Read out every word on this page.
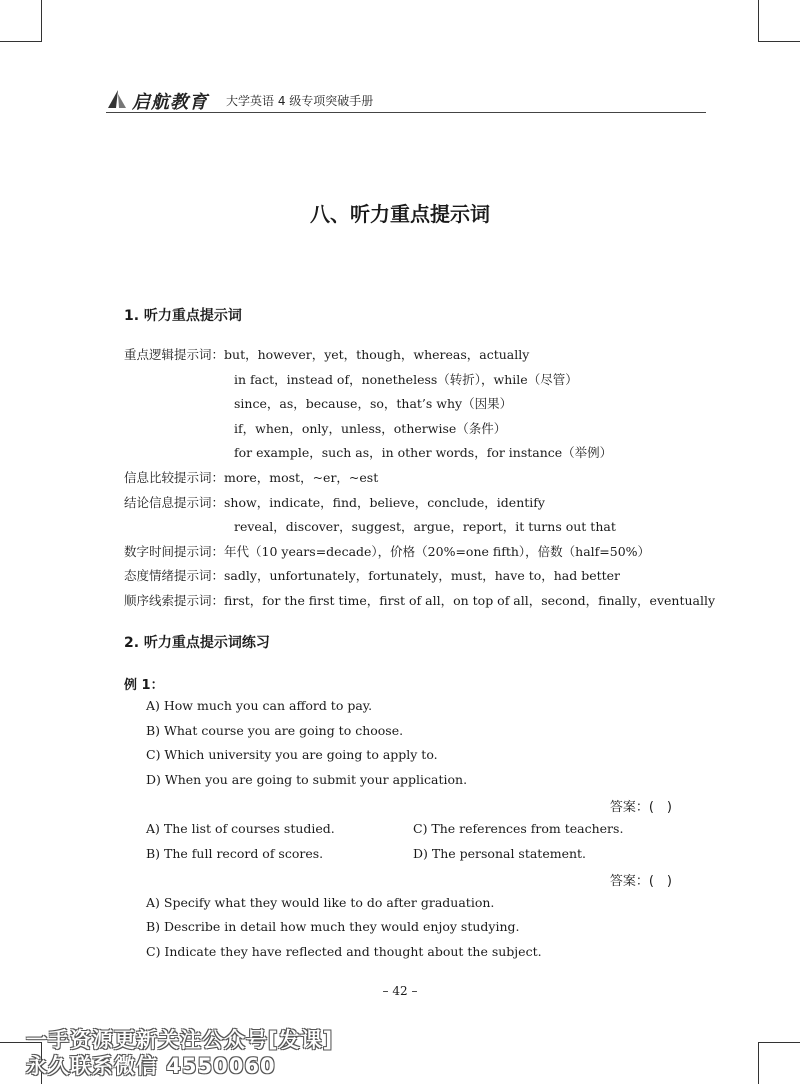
启航教育 大学英语 4 级专项突破手册
八、听力重点提示词
1. 听力重点提示词
重点逻辑提示词：but，however，yet，though，whereas，actually
in fact，instead of，nonetheless（转折），while（尽管）
since，as，because，so，that’s why（因果）
if，when，only，unless，otherwise（条件）
for example，such as，in other words，for instance（举例）
信息比较提示词：more，most，~er，~est
结论信息提示词：show，indicate，find，believe，conclude，identify
reveal，discover，suggest，argue，report，it turns out that
数字时间提示词：年代（10 years=decade），价格（20%=one fifth），倍数（half=50%）
态度情绪提示词：sadly，unfortunately，fortunately，must，have to，had better
顺序线索提示词：first，for the first time，first of all，on top of all，second，finally，eventually
2. 听力重点提示词练习
例 1：
A) How much you can afford to pay.
B) What course you are going to choose.
C) Which university you are going to apply to.
D) When you are going to submit your application.
答案：(　)
A) The list of courses studied.	C) The references from teachers.
B) The full record of scores.	D) The personal statement.
答案：(　)
A) Specify what they would like to do after graduation.
B) Describe in detail how much they would enjoy studying.
C) Indicate they have reflected and thought about the subject.
– 42 –
一手资源更新关注公众号[发课]
永久联系微信 4550060
